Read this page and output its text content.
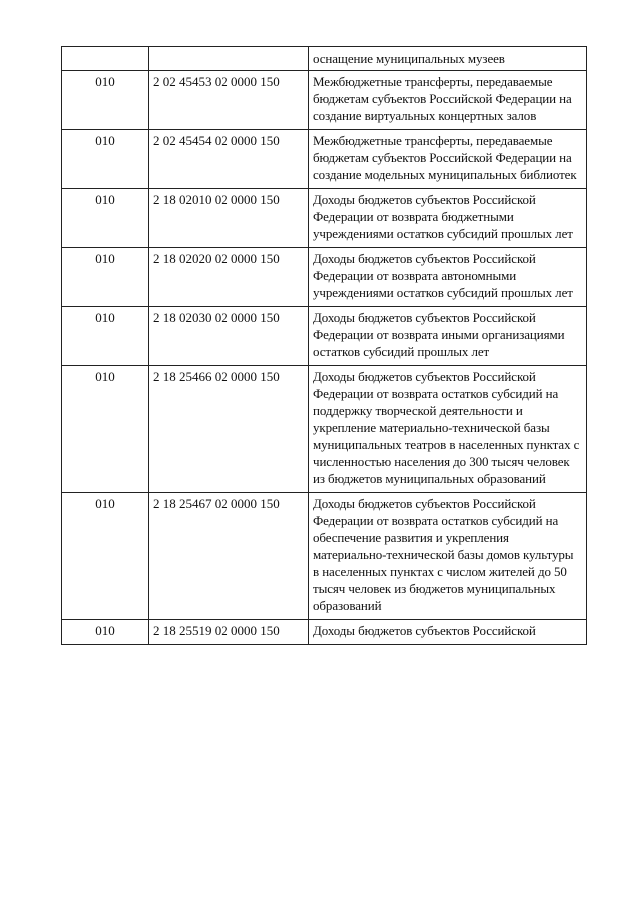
		оснащение муниципальных музеев
010	2 02 45453 02 0000 150	Межбюджетные трансферты, передаваемые бюджетам субъектов Российской Федерации на создание виртуальных концертных залов
010	2 02 45454 02 0000 150	Межбюджетные трансферты, передаваемые бюджетам субъектов Российской Федерации на создание модельных муниципальных библиотек
010	2 18 02010 02 0000 150	Доходы бюджетов субъектов Российской Федерации от возврата бюджетными учреждениями остатков субсидий прошлых лет
010	2 18 02020 02 0000 150	Доходы бюджетов субъектов Российской Федерации от возврата автономными учреждениями остатков субсидий прошлых лет
010	2 18 02030 02 0000 150	Доходы бюджетов субъектов Российской Федерации от возврата иными организациями остатков субсидий прошлых лет
010	2 18 25466 02 0000 150	Доходы бюджетов субъектов Российской Федерации от возврата остатков субсидий на поддержку творческой деятельности и укрепление материально-технической базы муниципальных театров в населенных пунктах с численностью населения до 300 тысяч человек из бюджетов муниципальных образований
010	2 18 25467 02 0000 150	Доходы бюджетов субъектов Российской Федерации от возврата остатков субсидий на обеспечение развития и укрепления материально-технической базы домов культуры в населенных пунктах с числом жителей до 50 тысяч человек из бюджетов муниципальных образований
010	2 18 25519 02 0000 150	Доходы бюджетов субъектов Российской
